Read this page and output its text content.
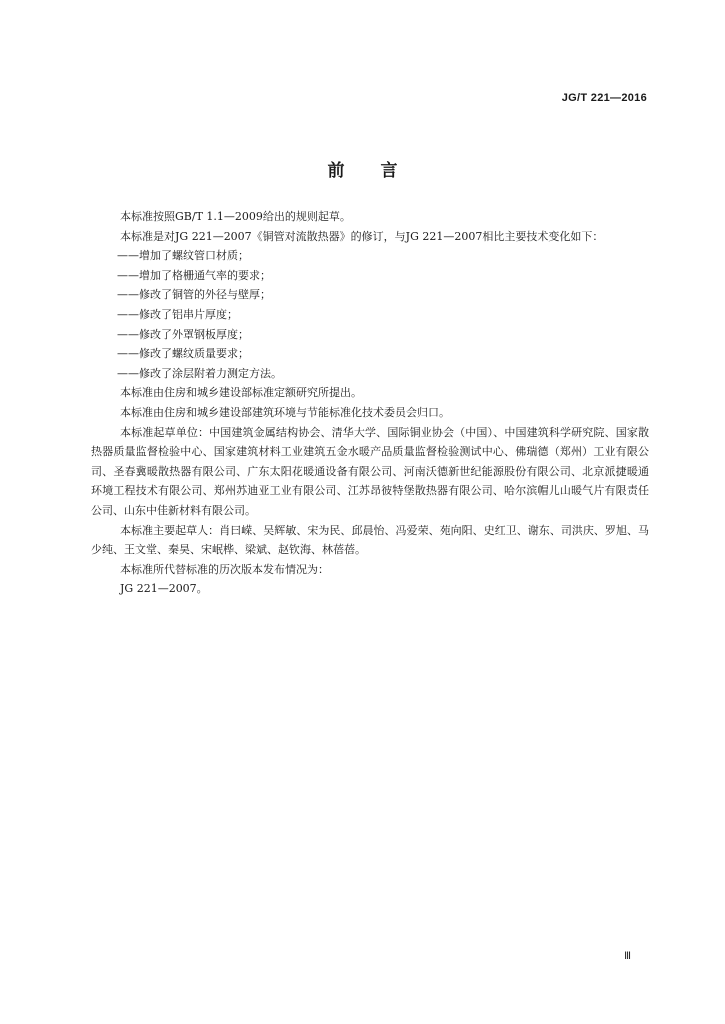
JG/T 221—2016
前言

本标准按照GB/T 1.1—2009给出的规则起草。

本标准是对JG 221—2007《铜管对流散热器》的修订，与JG 221—2007相比主要技术变化如下：

——增加了螺纹管口材质；

——增加了格栅通气率的要求；

——修改了铜管的外径与壁厚；

——修改了铝串片厚度；

——修改了外罩钢板厚度；

——修改了螺纹质量要求；

——修改了涂层附着力测定方法。

本标准由住房和城乡建设部标准定额研究所提出。

本标准由住房和城乡建设部建筑环境与节能标准化技术委员会归口。

本标准起草单位：中国建筑金属结构协会、清华大学、国际铜业协会（中国）、中国建筑科学研究院、国家散热器质量监督检验中心、国家建筑材料工业建筑五金水暖产品质量监督检验测试中心、佛瑞德（郑州）工业有限公司、圣春冀暖散热器有限公司、广东太阳花暖通设备有限公司、河南沃德新世纪能源股份有限公司、北京派捷暖通环境工程技术有限公司、郑州苏迪亚工业有限公司、江苏昂彼特堡散热器有限公司、哈尔滨帽儿山暖气片有限责任公司、山东中佳新材料有限公司。

本标准主要起草人：肖曰嵘、吴辉敏、宋为民、邱晨怡、冯爱荣、苑向阳、史红卫、谢东、司洪庆、罗旭、马少纯、王文堂、秦昊、宋岷桦、梁斌、赵钦海、林蓓蓓。

本标准所代替标准的历次版本发布情况为：

JG 221—2007。

Ⅲ
